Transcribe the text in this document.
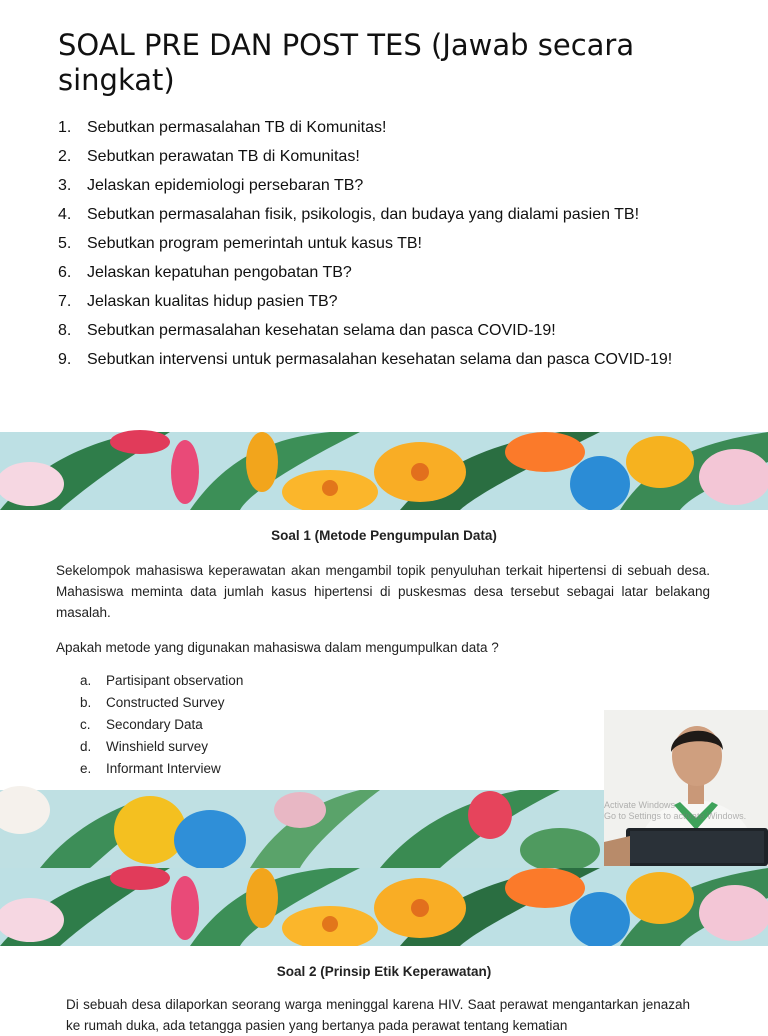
SOAL PRE DAN POST TES (Jawab secara singkat)
1. Sebutkan permasalahan TB di Komunitas!
2. Sebutkan perawatan TB di Komunitas!
3. Jelaskan epidemiologi persebaran TB?
4. Sebutkan permasalahan fisik, psikologis, dan budaya yang dialami pasien TB!
5. Sebutkan program pemerintah untuk kasus TB!
6. Jelaskan kepatuhan pengobatan TB?
7. Jelaskan kualitas hidup pasien TB?
8. Sebutkan permasalahan kesehatan selama dan pasca COVID-19!
9. Sebutkan intervensi untuk permasalahan kesehatan selama dan pasca COVID-19!
Soal 1 (Metode Pengumpulan Data)

Sekelompok mahasiswa keperawatan akan mengambil topik penyuluhan terkait hipertensi di sebuah desa. Mahasiswa meminta data jumlah kasus hipertensi di puskesmas desa tersebut sebagai latar belakang masalah.

Apakah metode yang digunakan mahasiswa dalam mengumpulkan data ?

a. Partisipant observation
b. Constructed Survey
c. Secondary Data
d. Winshield survey
e. Informant Interview
Soal 2 (Prinsip Etik Keperawatan)

Di sebuah desa dilaporkan seorang warga meninggal karena HIV. Saat perawat mengantarkan jenazah ke rumah duka, ada tetangga pasien yang bertanya pada perawat tentang kematian

Activate Windows
Go to Settings to activate Windows.
